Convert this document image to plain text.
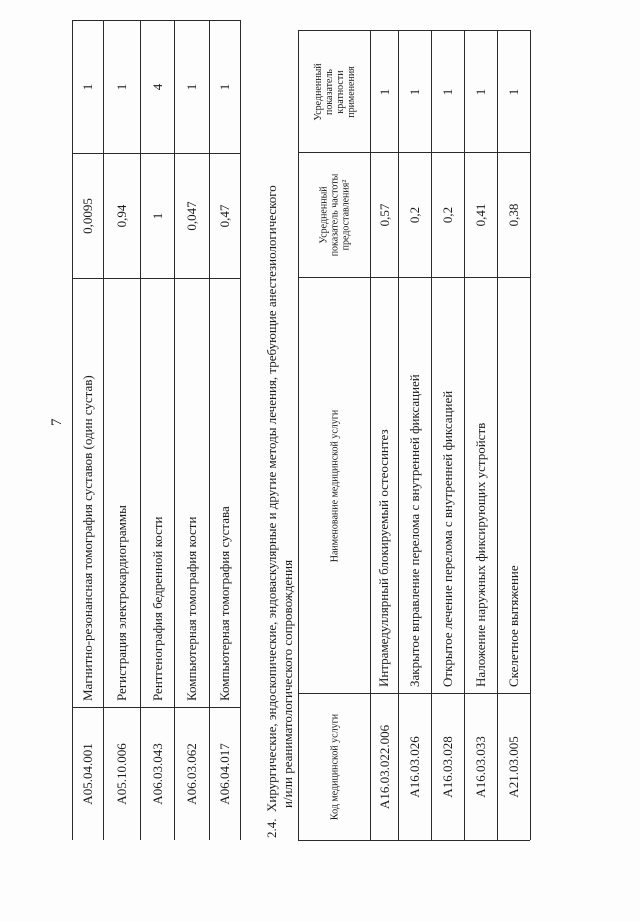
7
A05.04.001
Магнитно-резонансная томография суставов (один сустав)
0,0095
1
A05.10.006
Регистрация электрокардиограммы
0,94
1
A06.03.043
Рентгенография бедренной кости
1
4
A06.03.062
Компьютерная томография кости
0,047
1
A06.04.017
Компьютерная томография сустава
0,47
1
2.4.  Хирургические, эндоскопические, эндоваскулярные и другие методы лечения, требующие анестезиологического и/или реаниматологического сопровождения	Код медицинской услуги
Наименование медицинской услуги
Усредненный показатель частоты предоставления²
Усредненный показатель кратности применения
A16.03.022.006
Интрамедуллярный блокируемый остеосинтез
0,57
1
A16.03.026
Закрытое вправление перелома с внутренней фиксацией
0,2
1
A16.03.028
Открытое лечение перелома с внутренней фиксацией
0,2
1
A16.03.033
Наложение наружных фиксирующих устройств
0,41
1
A21.03.005
Скелетное вытяжение
0,38
1
